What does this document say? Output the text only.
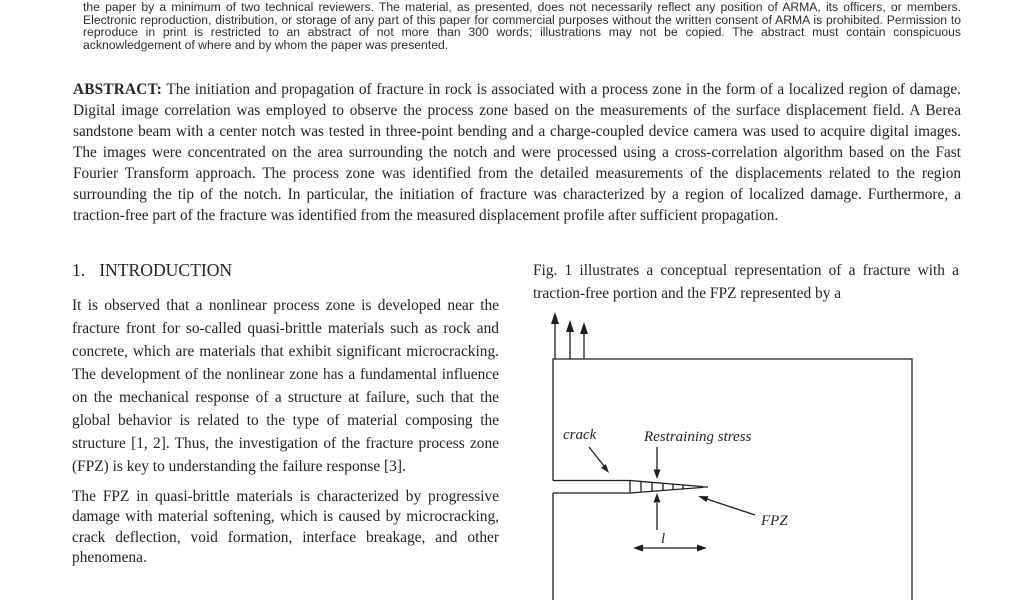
the paper by a minimum of two technical reviewers. The material, as presented, does not necessarily reflect any position of ARMA, its officers, or members. Electronic reproduction, distribution, or storage of any part of this paper for commercial purposes without the written consent of ARMA is prohibited. Permission to reproduce in print is restricted to an abstract of not more than 300 words; illustrations may not be copied. The abstract must contain conspicuous acknowledgement of where and by whom the paper was presented.

ABSTRACT: The initiation and propagation of fracture in rock is associated with a process zone in the form of a localized region of damage. Digital image correlation was employed to observe the process zone based on the measurements of the surface displacement field. A Berea sandstone beam with a center notch was tested in three-point bending and a charge-coupled device camera was used to acquire digital images. The images were concentrated on the area surrounding the notch and were processed using a cross-correlation algorithm based on the Fast Fourier Transform approach. The process zone was identified from the detailed measurements of the displacements related to the region surrounding the tip of the notch. In particular, the initiation of fracture was characterized by a region of localized damage. Furthermore, a traction-free part of the fracture was identified from the measured displacement profile after sufficient propagation.

1. INTRODUCTION

It is observed that a nonlinear process zone is developed near the fracture front for so-called quasi-brittle materials such as rock and concrete, which are materials that exhibit significant microcracking. The development of the nonlinear zone has a fundamental influence on the mechanical response of a structure at failure, such that the global behavior is related to the type of material composing the structure [1, 2]. Thus, the investigation of the fracture process zone (FPZ) is key to understanding the failure response [3].

The FPZ in quasi-brittle materials is characterized by progressive damage with material softening, which is caused by microcracking, crack deflection, void formation, interface breakage, and other phenomena.

Fig. 1 illustrates a conceptual representation of a fracture with a traction-free portion and the FPZ represented by a

crack	Restraining stress
FPZ
l
